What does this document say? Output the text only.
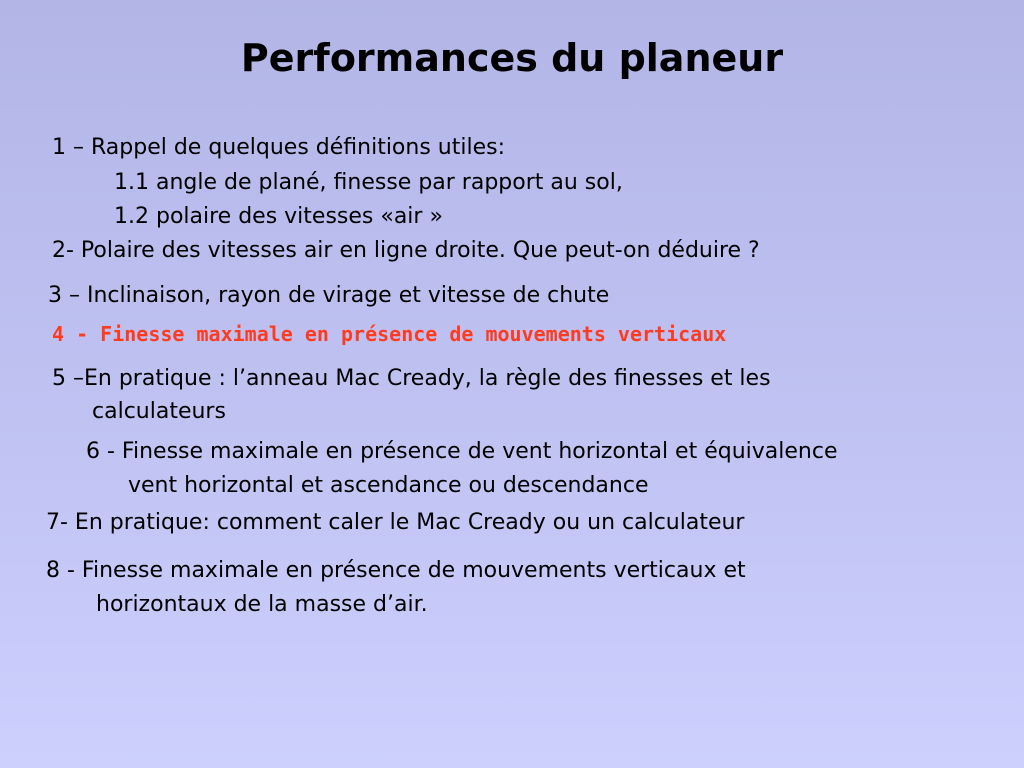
Performances du planeur
1 – Rappel de quelques définitions utiles:
1.1 angle de plané, finesse par rapport au sol,
1.2 polaire des vitesses «air »
2- Polaire des vitesses air en ligne droite. Que peut-on déduire ?
3 – Inclinaison, rayon de virage et vitesse de chute
4 - Finesse maximale en présence de mouvements verticaux
5 –En pratique : l’anneau Mac Cready, la règle des finesses et les
calculateurs
6 - Finesse maximale en présence de vent horizontal et équivalence
vent horizontal et ascendance ou descendance
7- En pratique: comment caler le Mac Cready ou un calculateur
8 - Finesse maximale en présence de mouvements verticaux et
horizontaux de la masse d’air.
